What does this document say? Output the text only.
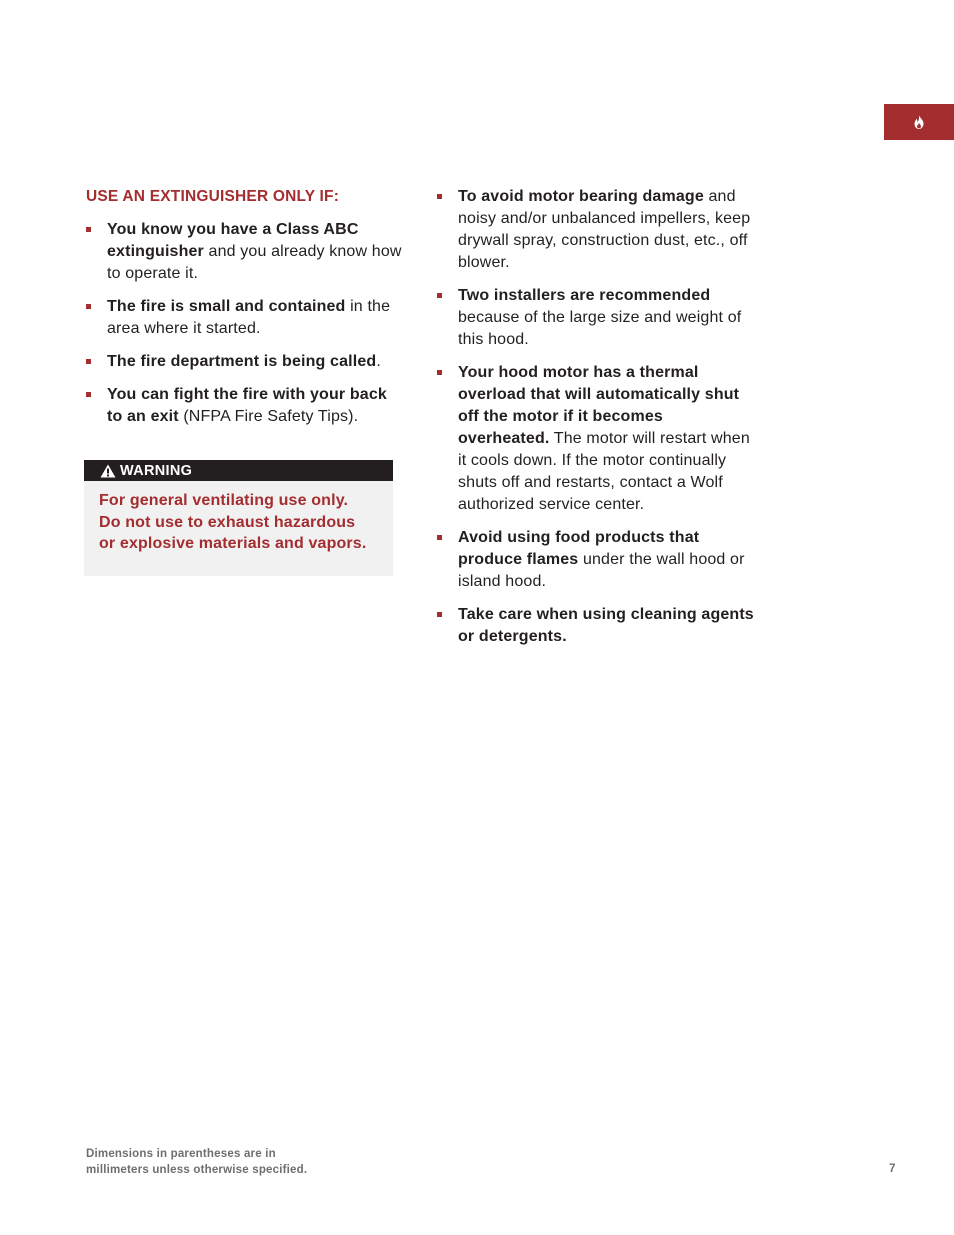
USE AN EXTINGUISHER ONLY IF:
You know you have a Class ABC extinguisher and you already know how to operate it.
The fire is small and contained in the area where it started.
The fire department is being called.
You can fight the fire with your back to an exit (NFPA Fire Safety Tips).
WARNING
For general ventilating use only.
Do not use to exhaust hazardous
or explosive materials and vapors.
To avoid motor bearing damage and noisy and/or unbalanced impellers, keep drywall spray, construction dust, etc., off blower.
Two installers are recommended because of the large size and weight of this hood.
Your hood motor has a thermal overload that will automatically shut off the motor if it becomes overheated. The motor will restart when it cools down. If the motor continually shuts off and restarts, contact a Wolf authorized service center.
Avoid using food products that produce flames under the wall hood or island hood.
Take care when using cleaning agents or detergents.
Dimensions in parentheses are in
millimeters unless otherwise specified.	7
